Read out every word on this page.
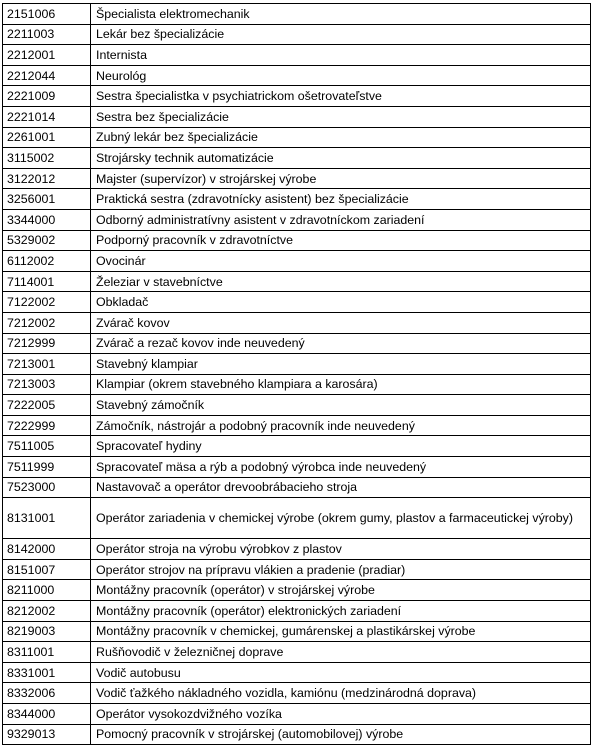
2151006	Špecialista elektromechanik
2211003	Lekár bez špecializácie
2212001	Internista
2212044	Neurológ
2221009	Sestra špecialistka v psychiatrickom ošetrovateľstve
2221014	Sestra bez špecializácie
2261001	Zubný lekár bez špecializácie
3115002	Strojársky technik automatizácie
3122012	Majster (supervízor) v strojárskej výrobe
3256001	Praktická sestra (zdravotnícky asistent) bez špecializácie
3344000	Odborný administratívny asistent v zdravotníckom zariadení
5329002	Podporný pracovník v zdravotníctve
6112002	Ovocinár
7114001	Železiar v stavebníctve
7122002	Obkladač
7212002	Zvárač kovov
7212999	Zvárač a rezač kovov inde neuvedený
7213001	Stavebný klampiar
7213003	Klampiar (okrem stavebného klampiara a karosára)
7222005	Stavebný zámočník
7222999	Zámočník, nástrojár a podobný pracovník inde neuvedený
7511005	Spracovateľ hydiny
7511999	Spracovateľ mäsa a rýb a podobný výrobca inde neuvedený
7523000	Nastavovač a operátor drevoobrábacieho stroja
8131001	Operátor zariadenia v chemickej výrobe (okrem gumy, plastov a farmaceutickej výroby)
8142000	Operátor stroja na výrobu výrobkov z plastov
8151007	Operátor strojov na prípravu vlákien a pradenie (pradiar)
8211000	Montážny pracovník (operátor) v strojárskej výrobe
8212002	Montážny pracovník (operátor) elektronických zariadení
8219003	Montážny pracovník v chemickej, gumárenskej a plastikárskej výrobe
8311001	Rušňovodič v železničnej doprave
8331001	Vodič autobusu
8332006	Vodič ťažkého nákladného vozidla, kamiónu (medzinárodná doprava)
8344000	Operátor vysokozdvižného vozíka
9329013	Pomocný pracovník v strojárskej (automobilovej) výrobe
